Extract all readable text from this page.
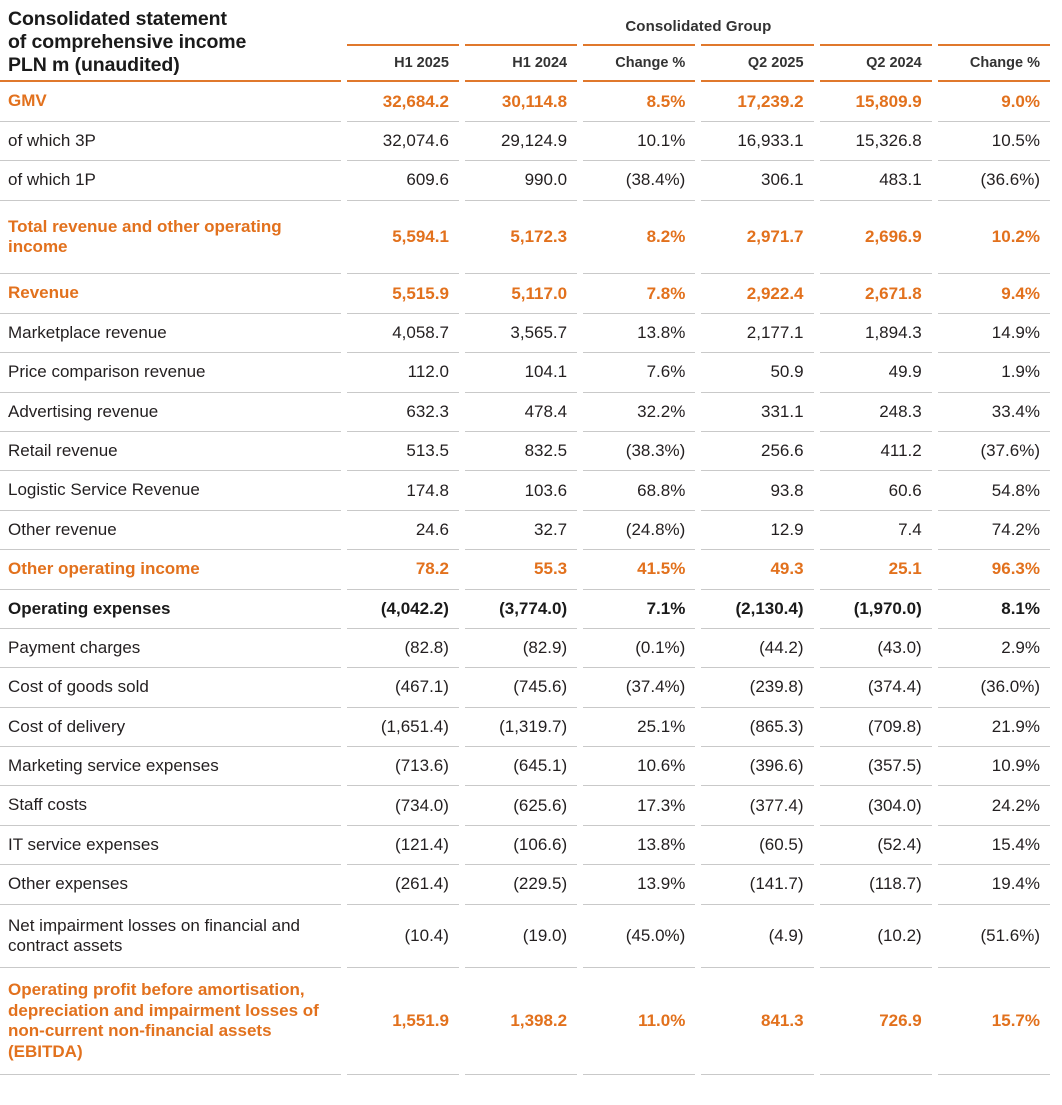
Consolidated statement
of comprehensive income
PLN m (unaudited)	Consolidated Group					
	H1 2025	H1 2024	Change %	Q2 2025	Q2 2024	Change %
GMV	32,684.2	30,114.8	8.5%	17,239.2	15,809.9	9.0%
of which 3P	32,074.6	29,124.9	10.1%	16,933.1	15,326.8	10.5%
of which 1P	609.6	990.0	(38.4%)	306.1	483.1	(36.6%)
Total revenue and other operating income	5,594.1	5,172.3	8.2%	2,971.7	2,696.9	10.2%
Revenue	5,515.9	5,117.0	7.8%	2,922.4	2,671.8	9.4%
Marketplace revenue	4,058.7	3,565.7	13.8%	2,177.1	1,894.3	14.9%
Price comparison revenue	112.0	104.1	7.6%	50.9	49.9	1.9%
Advertising revenue	632.3	478.4	32.2%	331.1	248.3	33.4%
Retail revenue	513.5	832.5	(38.3%)	256.6	411.2	(37.6%)
Logistic Service Revenue	174.8	103.6	68.8%	93.8	60.6	54.8%
Other revenue	24.6	32.7	(24.8%)	12.9	7.4	74.2%
Other operating income	78.2	55.3	41.5%	49.3	25.1	96.3%
Operating expenses	(4,042.2)	(3,774.0)	7.1%	(2,130.4)	(1,970.0)	8.1%
Payment charges	(82.8)	(82.9)	(0.1%)	(44.2)	(43.0)	2.9%
Cost of goods sold	(467.1)	(745.6)	(37.4%)	(239.8)	(374.4)	(36.0%)
Cost of delivery	(1,651.4)	(1,319.7)	25.1%	(865.3)	(709.8)	21.9%
Marketing service expenses	(713.6)	(645.1)	10.6%	(396.6)	(357.5)	10.9%
Staff costs	(734.0)	(625.6)	17.3%	(377.4)	(304.0)	24.2%
IT service expenses	(121.4)	(106.6)	13.8%	(60.5)	(52.4)	15.4%
Other expenses	(261.4)	(229.5)	13.9%	(141.7)	(118.7)	19.4%
Net impairment losses on financial and contract assets	(10.4)	(19.0)	(45.0%)	(4.9)	(10.2)	(51.6%)
Operating profit before amortisation, depreciation and impairment losses of non-current non-financial assets (EBITDA)	1,551.9	1,398.2	11.0%	841.3	726.9	15.7%
